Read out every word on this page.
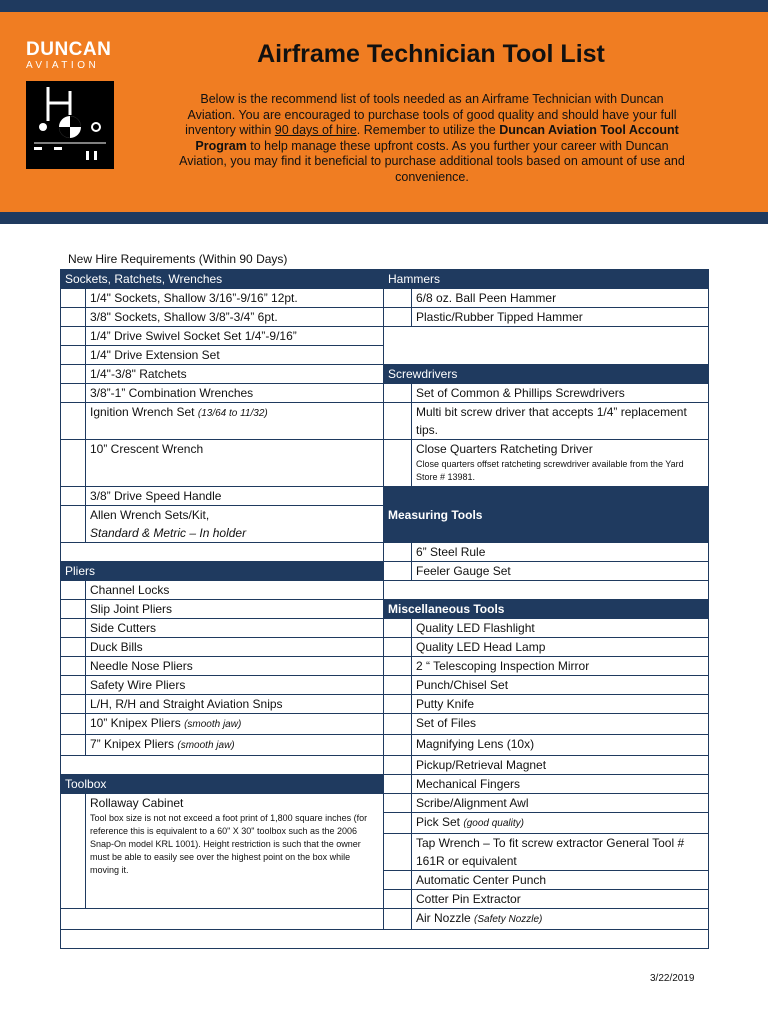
DUNCAN
AVIATION	Airframe Technician Tool List
Below is the recommend list of tools needed as an Airframe Technician with Duncan Aviation. You are encouraged to purchase tools of good quality and should have your full inventory within 90 days of hire. Remember to utilize the Duncan Aviation Tool Account Program to help manage these upfront costs. As you further your career with Duncan Aviation, you may find it beneficial to purchase additional tools based on amount of use and convenience.
New Hire Requirements (Within 90 Days)
Sockets, Ratchets, Wrenches		Hammers	
	1/4" Sockets, Shallow 3/16”-9/16” 12pt.		6/8 oz. Ball Peen Hammer
	3/8" Sockets, Shallow 3/8”-3/4” 6pt.		Plastic/Rubber Tipped Hammer
	1/4” Drive Swivel Socket Set 1/4”-9/16”		
	1/4" Drive Extension Set		
	1/4"-3/8" Ratchets	Screwdrivers	
	3/8”-1” Combination Wrenches		Set of Common & Phillips Screwdrivers
	Ignition Wrench Set (13/64 to 11/32)		Multi bit screw driver that accepts 1/4” replacement tips.
	10” Crescent Wrench		Close Quarters Ratcheting Driver
Close quarters offset ratcheting screwdriver available from the Yard Store # 13981.

	3/8” Drive Speed Handle	Measuring Tools	
	Allen Wrench Sets/Kit,
Standard & Metric – In holder		
			6” Steel Rule
Pliers			Feeler Gauge Set
	Channel Locks		
	Slip Joint Pliers	Miscellaneous Tools	
	Side Cutters		Quality LED Flashlight
	Duck Bills		Quality LED Head Lamp
	Needle Nose Pliers		2 “ Telescoping Inspection Mirror
	Safety Wire Pliers		Punch/Chisel Set
	L/H, R/H and Straight Aviation Snips		Putty Knife
	10” Knipex Pliers (smooth jaw)		Set of Files
	7” Knipex Pliers (smooth jaw)		Magnifying Lens (10x)
			Pickup/Retrieval Magnet
Toolbox			Mechanical Fingers
	Rollaway Cabinet
Tool box size is not not exceed a foot print of 1,800 square inches (for reference this is equivalent to a 60" X 30" toolbox such as the 2006 Snap-On model KRL 1001). Height restriction is such that the owner must be able to easily see over the highest point on the box while moving it.		Scribe/Alignment Awl
			Pick Set (good quality)
			Tap Wrench – To fit screw extractor General Tool # 161R or equivalent
			Automatic Center Punch
			Cotter Pin Extractor
			Air Nozzle (Safety Nozzle)

3/22/2019
